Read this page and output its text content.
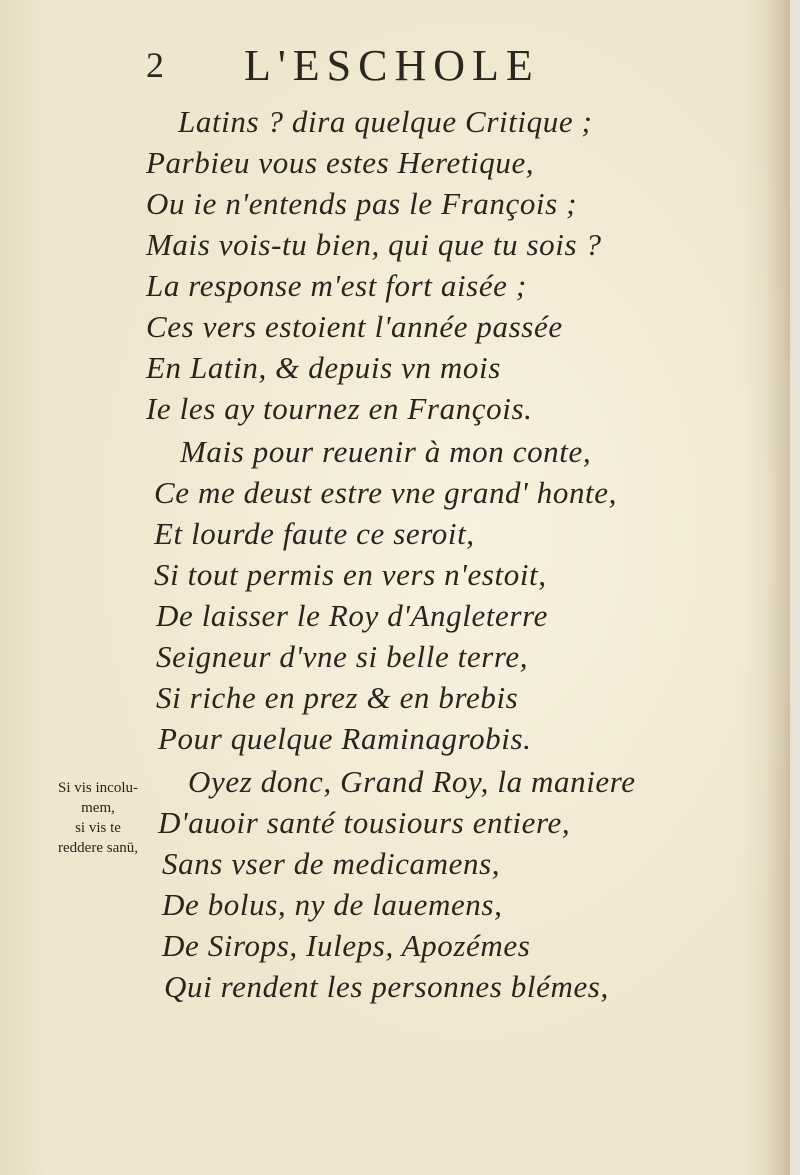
2 L'ESCHOLE
Latins ? dira quelque Critique ;
Parbieu vous estes Heretique,
Ou ie n'entends pas le François ;
Mais vois-tu bien, qui que tu sois ?
La response m'est fort aisée ;
Ces vers estoient l'année passée
En Latin, & depuis vn mois
Ie les ay tournez en François.
Mais pour reuenir à mon conte,
Ce me deust estre vne grand' honte,
Et lourde faute ce seroit,
Si tout permis en vers n'estoit,
De laisser le Roy d'Angleterre
Seigneur d'vne si belle terre,
Si riche en prez & en brebis
Pour quelque Raminagrobis.
Oyez donc, Grand Roy, la maniere
D'auoir santé tousiours entiere,
Sans vser de medicamens,
De bolus, ny de lauemens,
De Sirops, Iuleps, Apozémes
Qui rendent les personnes blémes,
Si vis incolu-
mem,
si vis te
reddere sanū,
